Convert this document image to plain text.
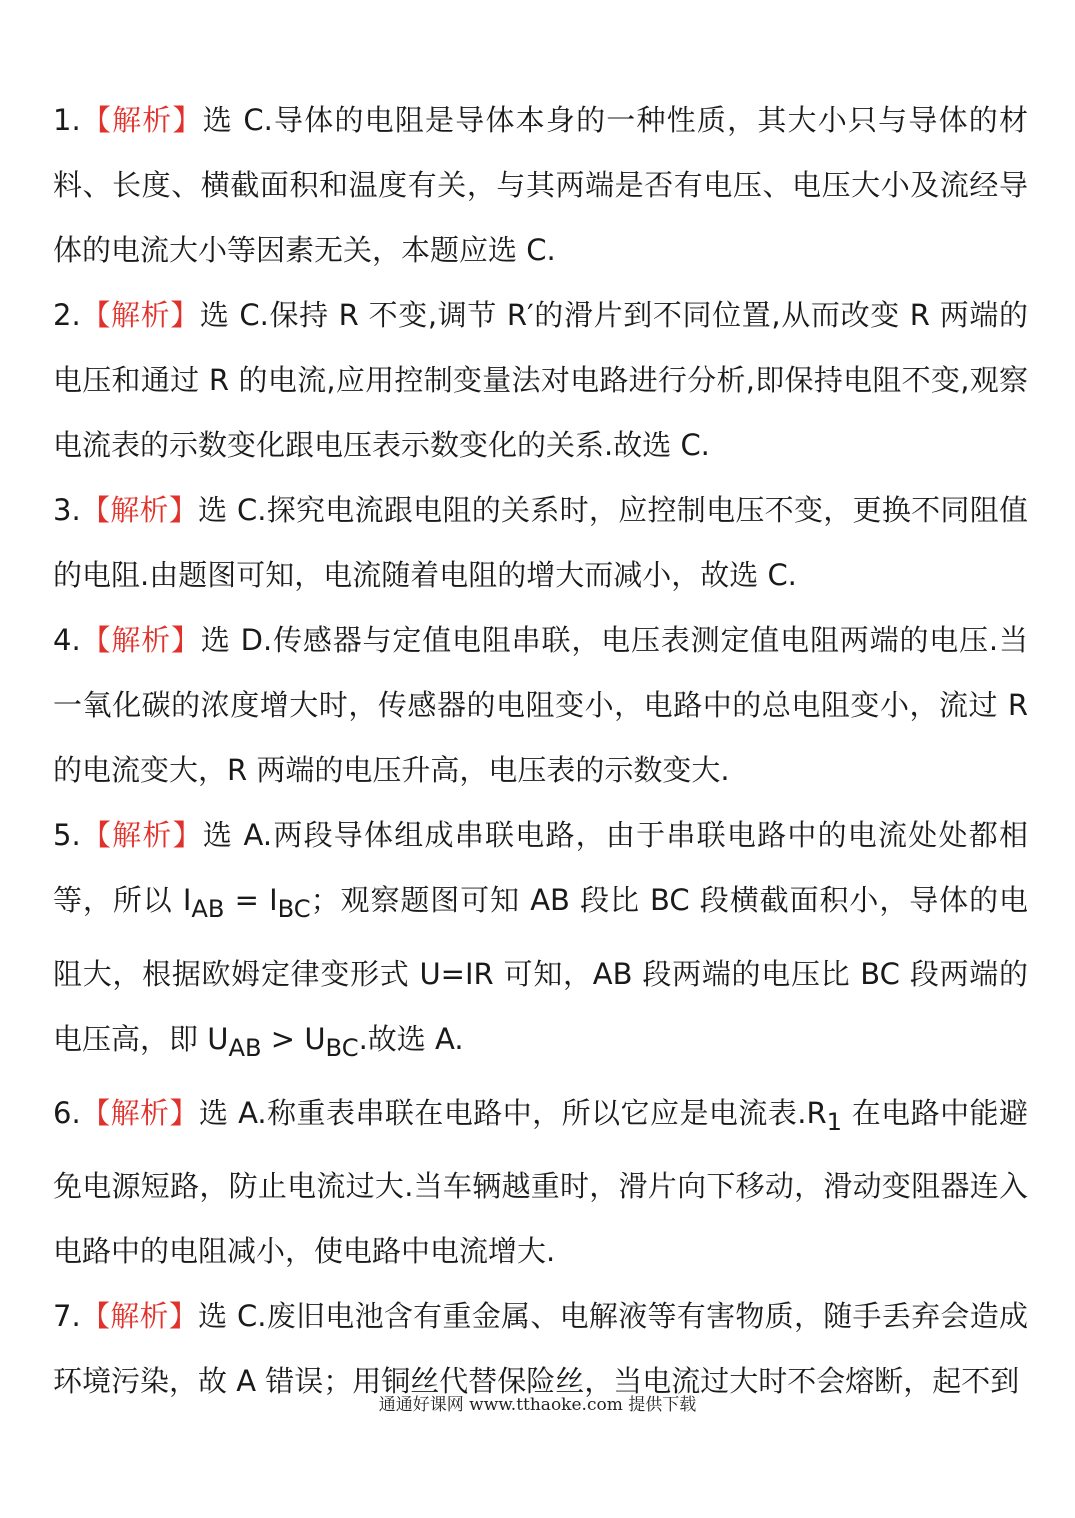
1.【解析】选 C.导体的电阻是导体本身的一种性质，其大小只与导体的材料、长度、横截面积和温度有关，与其两端是否有电压、电压大小及流经导体的电流大小等因素无关，本题应选 C.

2.【解析】选 C.保持 R 不变,调节 R′的滑片到不同位置,从而改变 R 两端的电压和通过 R 的电流,应用控制变量法对电路进行分析,即保持电阻不变,观察电流表的示数变化跟电压表示数变化的关系.故选 C.

3.【解析】选 C.探究电流跟电阻的关系时，应控制电压不变，更换不同阻值的电阻.由题图可知，电流随着电阻的增大而减小，故选 C.

4.【解析】选 D.传感器与定值电阻串联，电压表测定值电阻两端的电压.当一氧化碳的浓度增大时，传感器的电阻变小，电路中的总电阻变小，流过 R 的电流变大，R 两端的电压升高，电压表的示数变大.

5.【解析】选 A.两段导体组成串联电路，由于串联电路中的电流处处都相等，所以 $I_{AB} = I_{BC}$；观察题图可知 AB 段比 BC 段横截面积小，导体的电阻大，根据欧姆定律变形式 U=IR 可知，AB 段两端的电压比 BC 段两端的电压高，即 $U_{AB} > U_{BC}$.故选 A.

6.【解析】选 A.称重表串联在电路中，所以它应是电流表$.R_1$ 在电路中能避免电源短路，防止电流过大.当车辆越重时，滑片向下移动，滑动变阻器连入电路中的电阻减小，使电路中电流增大.

7.【解析】选 C.废旧电池含有重金属、电解液等有害物质，随手丢弃会造成环境污染，故 A 错误；用铜丝代替保险丝，当电流过大时不会熔断，起不到

通通好课网 www.tthaoke.com 提供下载
